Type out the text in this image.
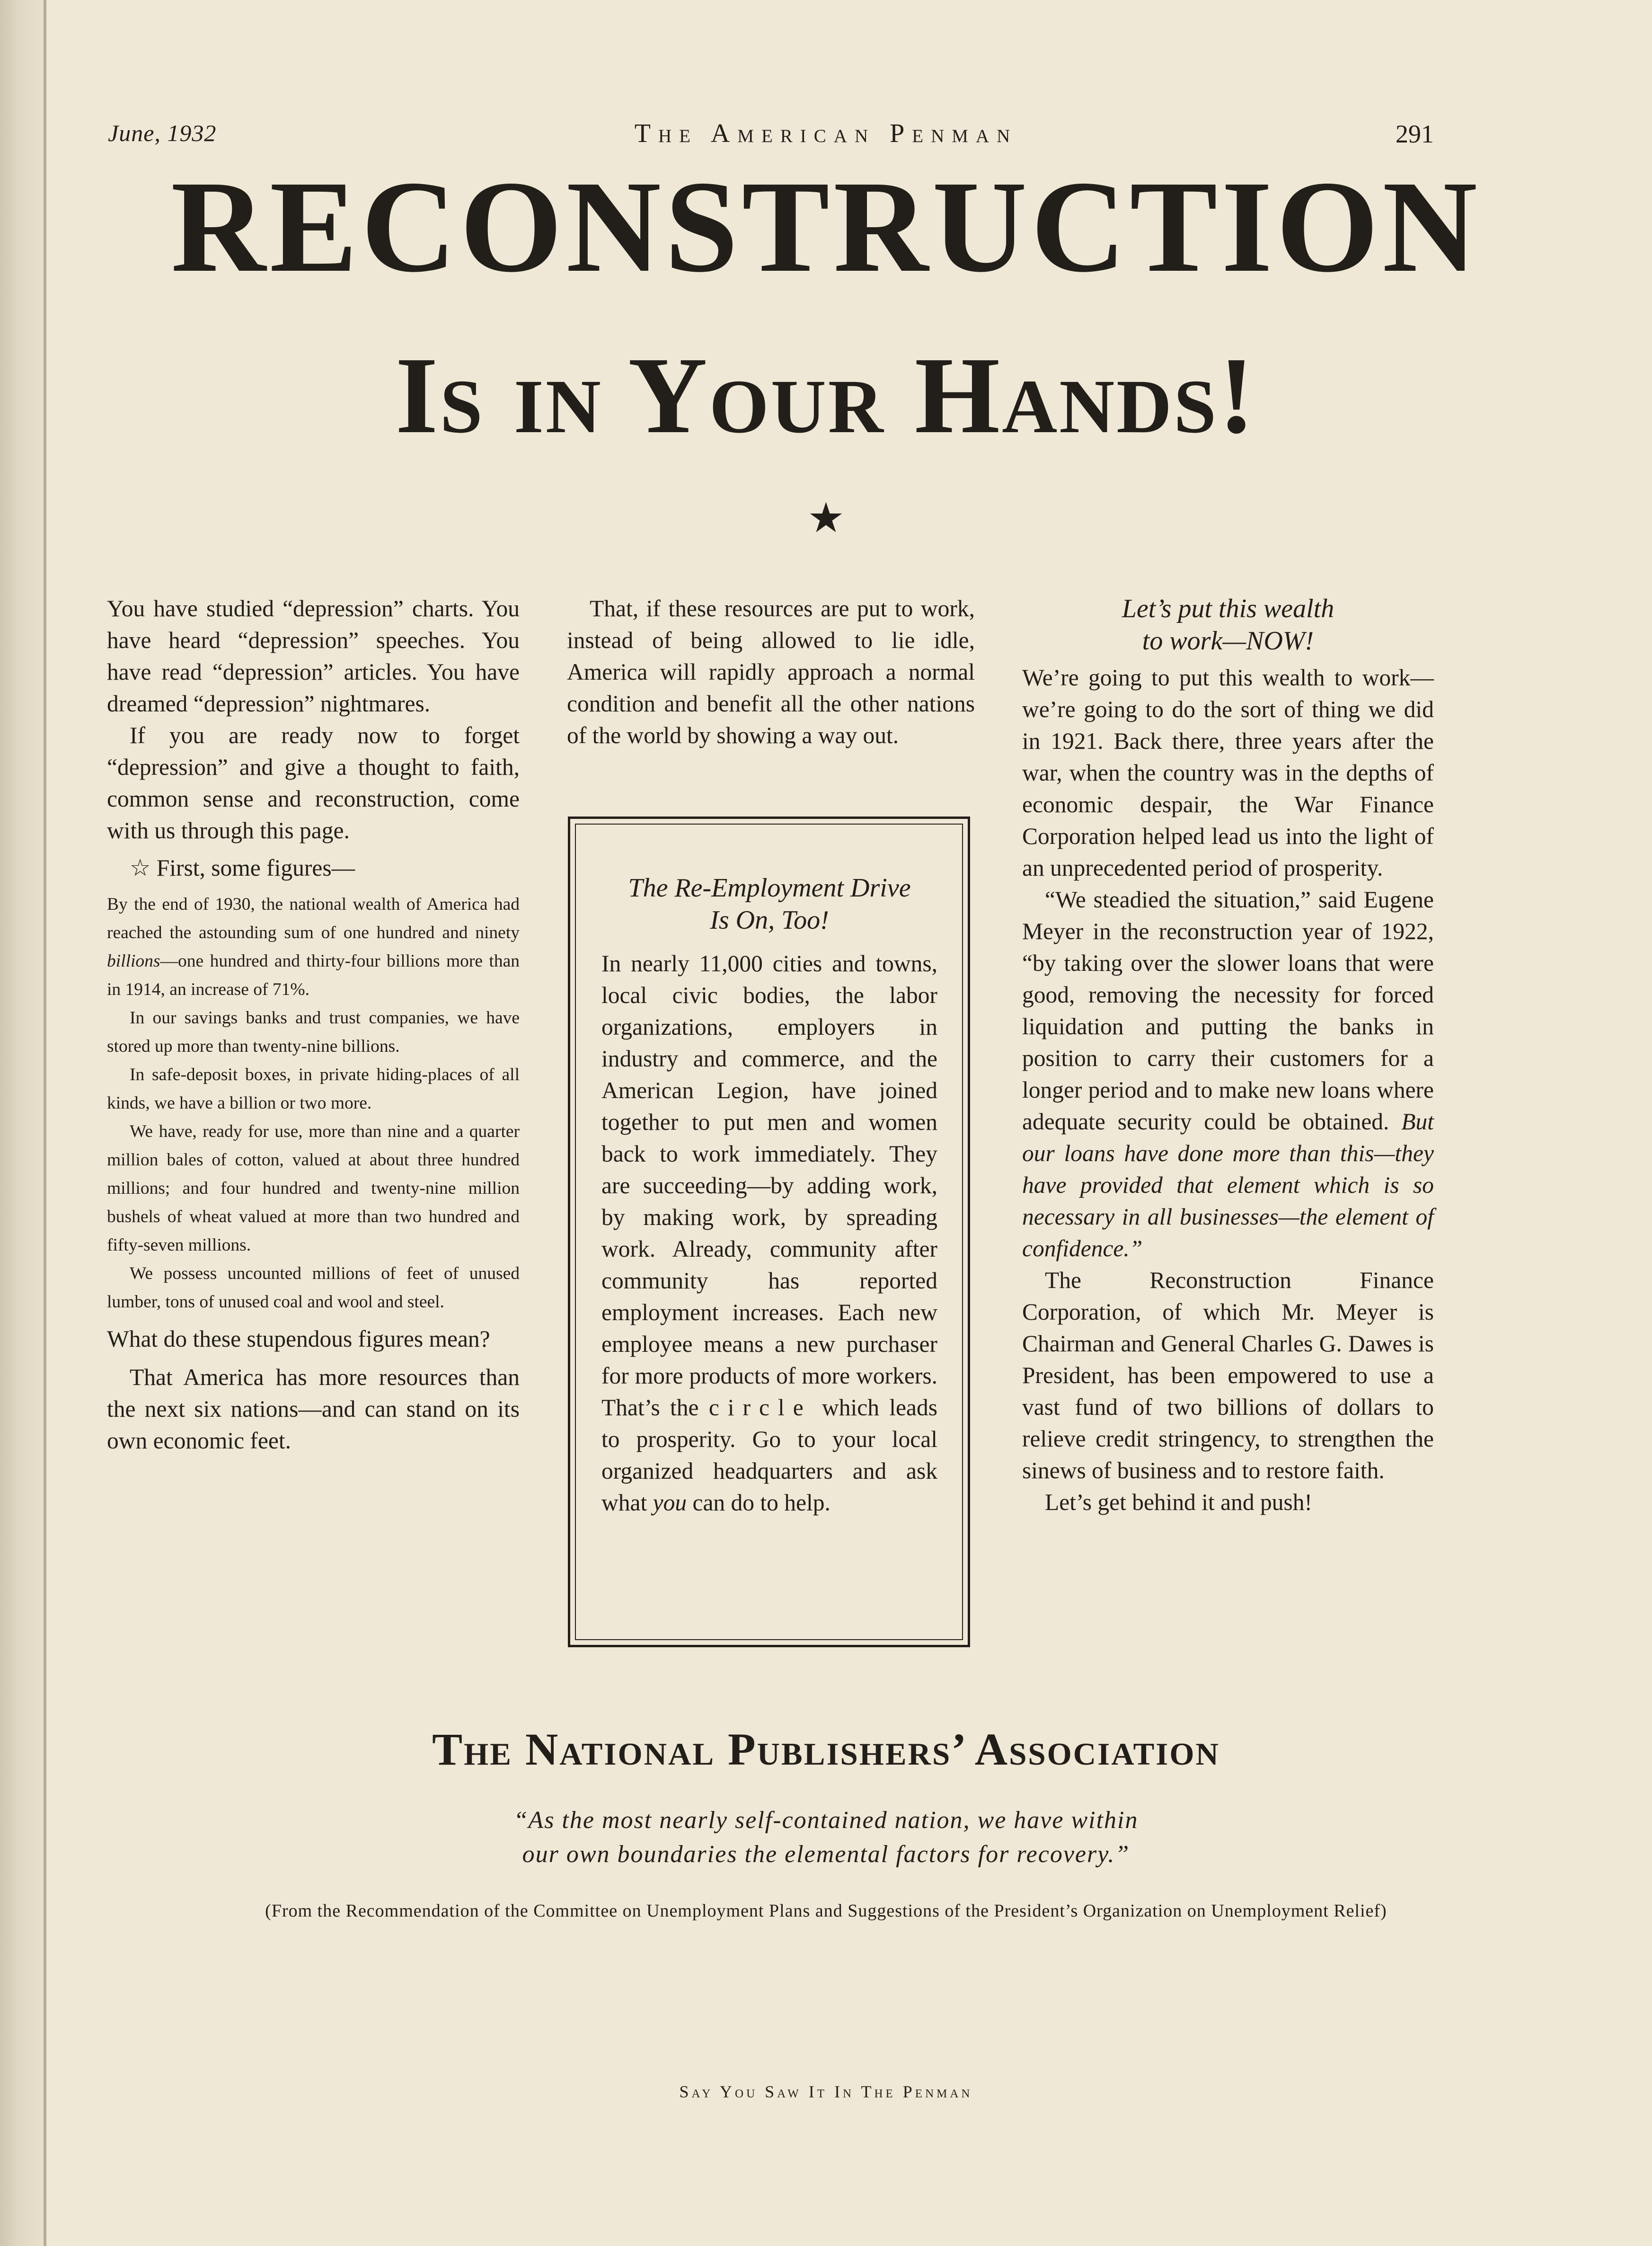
June, 1932	The American Penman	291
RECONSTRUCTION
Is in Your Hands!
★

You have studied “depression” charts. You have heard “depression” speeches. You have read “depression” articles. You have dreamed “depression” nightmares.

If you are ready now to forget “depression” and give a thought to faith, common sense and reconstruction, come with us through this page.

☆ First, some figures—

By the end of 1930, the national wealth of America had reached the astounding sum of one hundred and ninety billions—one hundred and thirty-four billions more than in 1914, an increase of 71%.

In our savings banks and trust companies, we have stored up more than twenty-nine billions.

In safe-deposit boxes, in private hiding-places of all kinds, we have a billion or two more.

We have, ready for use, more than nine and a quarter million bales of cotton, valued at about three hundred millions; and four hundred and twenty-nine million bushels of wheat valued at more than two hundred and fifty-seven millions.

We possess uncounted millions of feet of unused lumber, tons of unused coal and wool and steel.

What do these stupendous figures mean?

That America has more resources than the next six nations—and can stand on its own economic feet.

That, if these resources are put to work, instead of being allowed to lie idle, America will rapidly approach a normal condition and benefit all the other nations of the world by showing a way out.

The Re-Employment Drive
Is On, Too!

In nearly 11,000 cities and towns, local civic bodies, the labor organizations, employers in industry and commerce, and the American Legion, have joined together to put men and women back to work immediately. They are succeeding—by adding work, by making work, by spreading work. Already, community after community has reported employment increases. Each new employee means a new purchaser for more products of more workers. That’s the circle which leads to prosperity. Go to your local organized headquarters and ask what you can do to help.

Let’s put this wealth
to work—NOW!

We’re going to put this wealth to work—we’re going to do the sort of thing we did in 1921. Back there, three years after the war, when the country was in the depths of economic despair, the War Finance Corporation helped lead us into the light of an unprecedented period of prosperity.

“We steadied the situation,” said Eugene Meyer in the reconstruction year of 1922, “by taking over the slower loans that were good, removing the necessity for forced liquidation and putting the banks in position to carry their customers for a longer period and to make new loans where adequate security could be obtained. But our loans have done more than this—they have provided that element which is so necessary in all businesses—the element of confidence.”

The Reconstruction Finance Corporation, of which Mr. Meyer is Chairman and General Charles G. Dawes is President, has been empowered to use a vast fund of two billions of dollars to relieve credit stringency, to strengthen the sinews of business and to restore faith.

Let’s get behind it and push!

The National Publishers’ Association
“As the most nearly self-contained nation, we have within
our own boundaries the elemental factors for recovery.”
(From the Recommendation of the Committee on Unemployment Plans and Suggestions of the President’s Organization on Unemployment Relief)
Say You Saw It In The Penman
